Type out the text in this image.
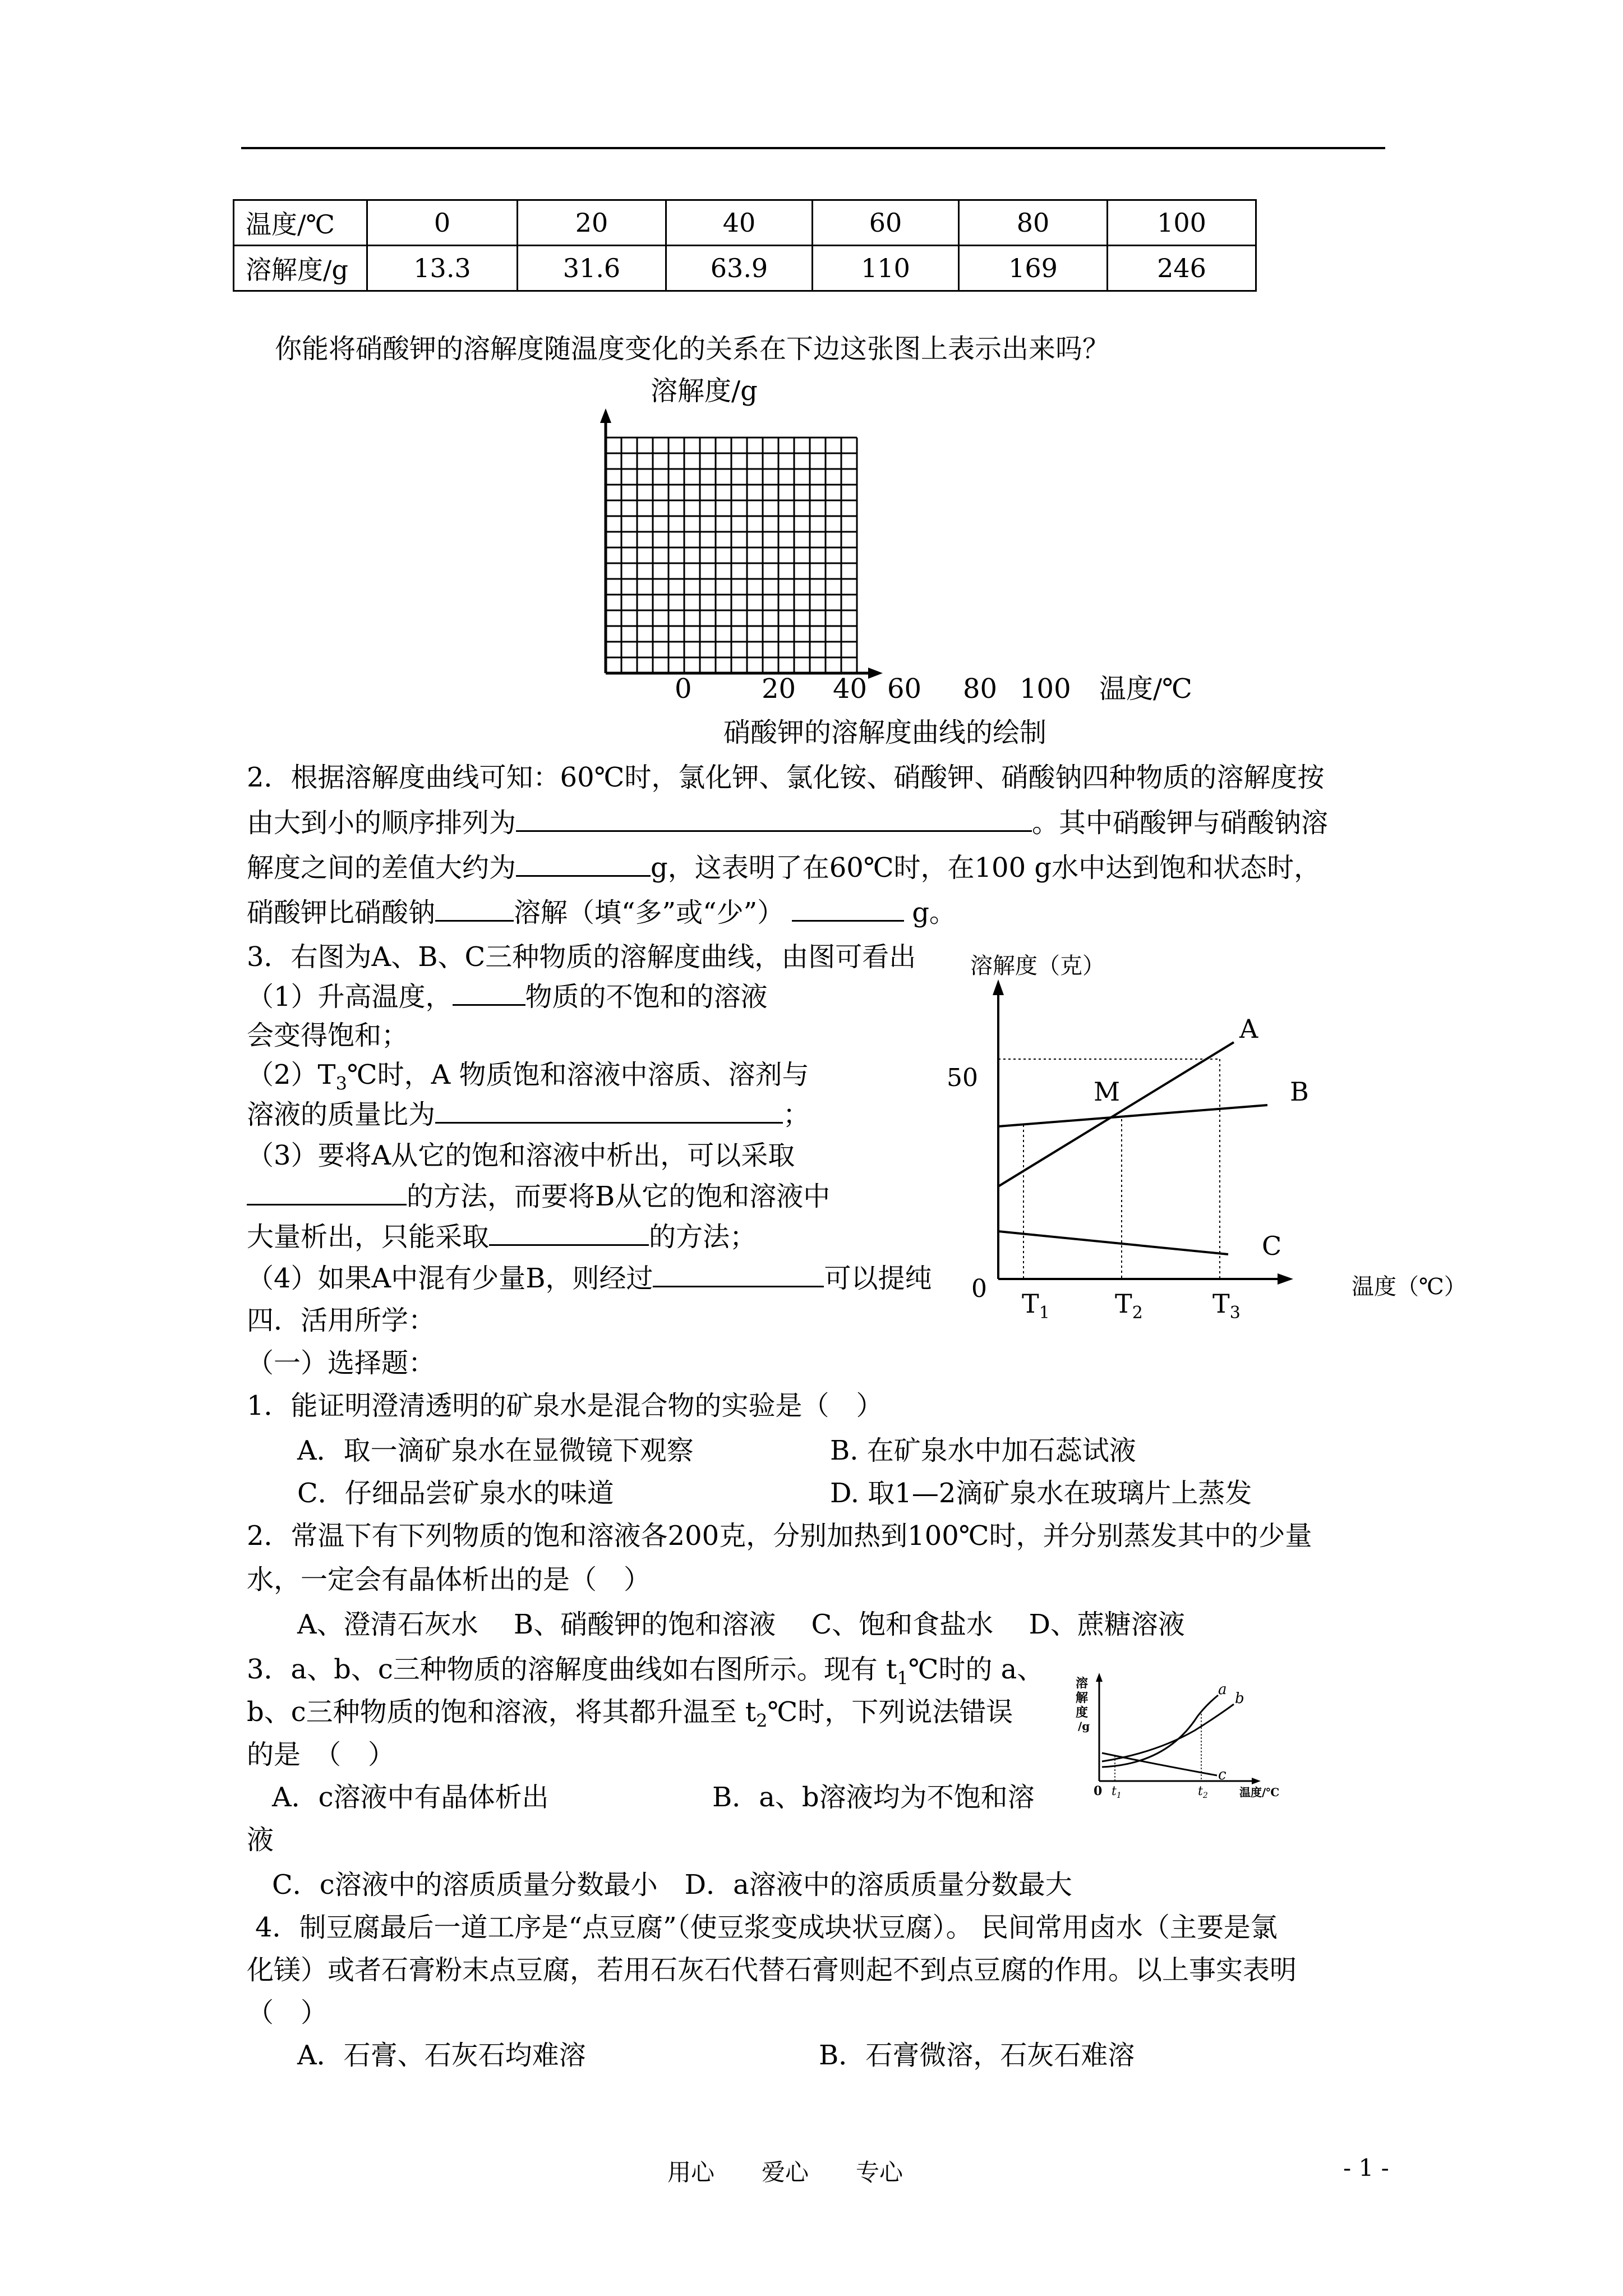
温度/℃	0	20	40	60	80	100
溶解度/g	13.3	31.6	63.9	110	169	246
你能将硝酸钾的溶解度随温度变化的关系在下边这张图上表示出来吗？
溶解度/g
0	20 40 60 80 100 温度/℃
硝酸钾的溶解度曲线的绘制
2．根据溶解度曲线可知：60℃时，氯化钾、氯化铵、硝酸钾、硝酸钠四种物质的溶解度按
由大到小的顺序排列为	。其中硝酸钾与硝酸钠溶
解度之间的差值大约为	g，这表明了在60℃时，在100 g水中达到饱和状态时，
硝酸钾比硝酸钠	溶解（填“多”或“少”）	g。
3．右图为A、B、C三种物质的溶解度曲线，由图可看出
（1）升高温度，	物质的不饱和的溶液
会变得饱和；
$(2)T_3℃$时，A 物质饱和溶液中溶质、溶剂与
溶液的质量比为	；
（3）要将A从它的饱和溶液中析出，可以采取
的方法，而要将B从它的饱和溶液中
大量析出，只能采取	的方法；
（4）如果A中混有少量B，则经过	可以提纯
溶解度（克）
A
B
C
M
50
0 $T_1$	$T_2$	$T_3$
温度（℃）
四．活用所学：
（一）选择题：
1．能证明澄清透明的矿泉水是混合物的实验是（　）
A．取一滴矿泉水在显微镜下观察	B. 在矿泉水中加石蕊试液
C．仔细品尝矿泉水的味道	D. 取1—2滴矿泉水在玻璃片上蒸发
2．常温下有下列物质的饱和溶液各200克，分别加热到100℃时，并分别蒸发其中的少量
水，一定会有晶体析出的是（　）
A、澄清石灰水　 B、硝酸钾的饱和溶液　 C、饱和食盐水　 D、蔗糖溶液
3．a、b、c三种物质的溶解度曲线如右图所示。现有 $t_1℃$时的 a、
b、c三种物质的饱和溶液，将其都升温至 $t_2℃$时，下列说法错误
的是　（　）
A．c溶液中有晶体析出	B．a、b溶液均为不饱和溶
液
C．c溶液中的溶质质量分数最小　D．a溶液中的溶质质量分数最大
溶
解
度
/g
a
b
c
0 $t_1$	$t_2$	温度/℃
4．制豆腐最后一道工序是“点豆腐”（使豆浆变成块状豆腐）。 民间常用卤水（主要是氯
化镁）或者石膏粉末点豆腐，若用石灰石代替石膏则起不到点豆腐的作用。以上事实表明
（　）
A．石膏、石灰石均难溶	B．石膏微溶，石灰石难溶
用心　　爱心　　专心	- 1 -
